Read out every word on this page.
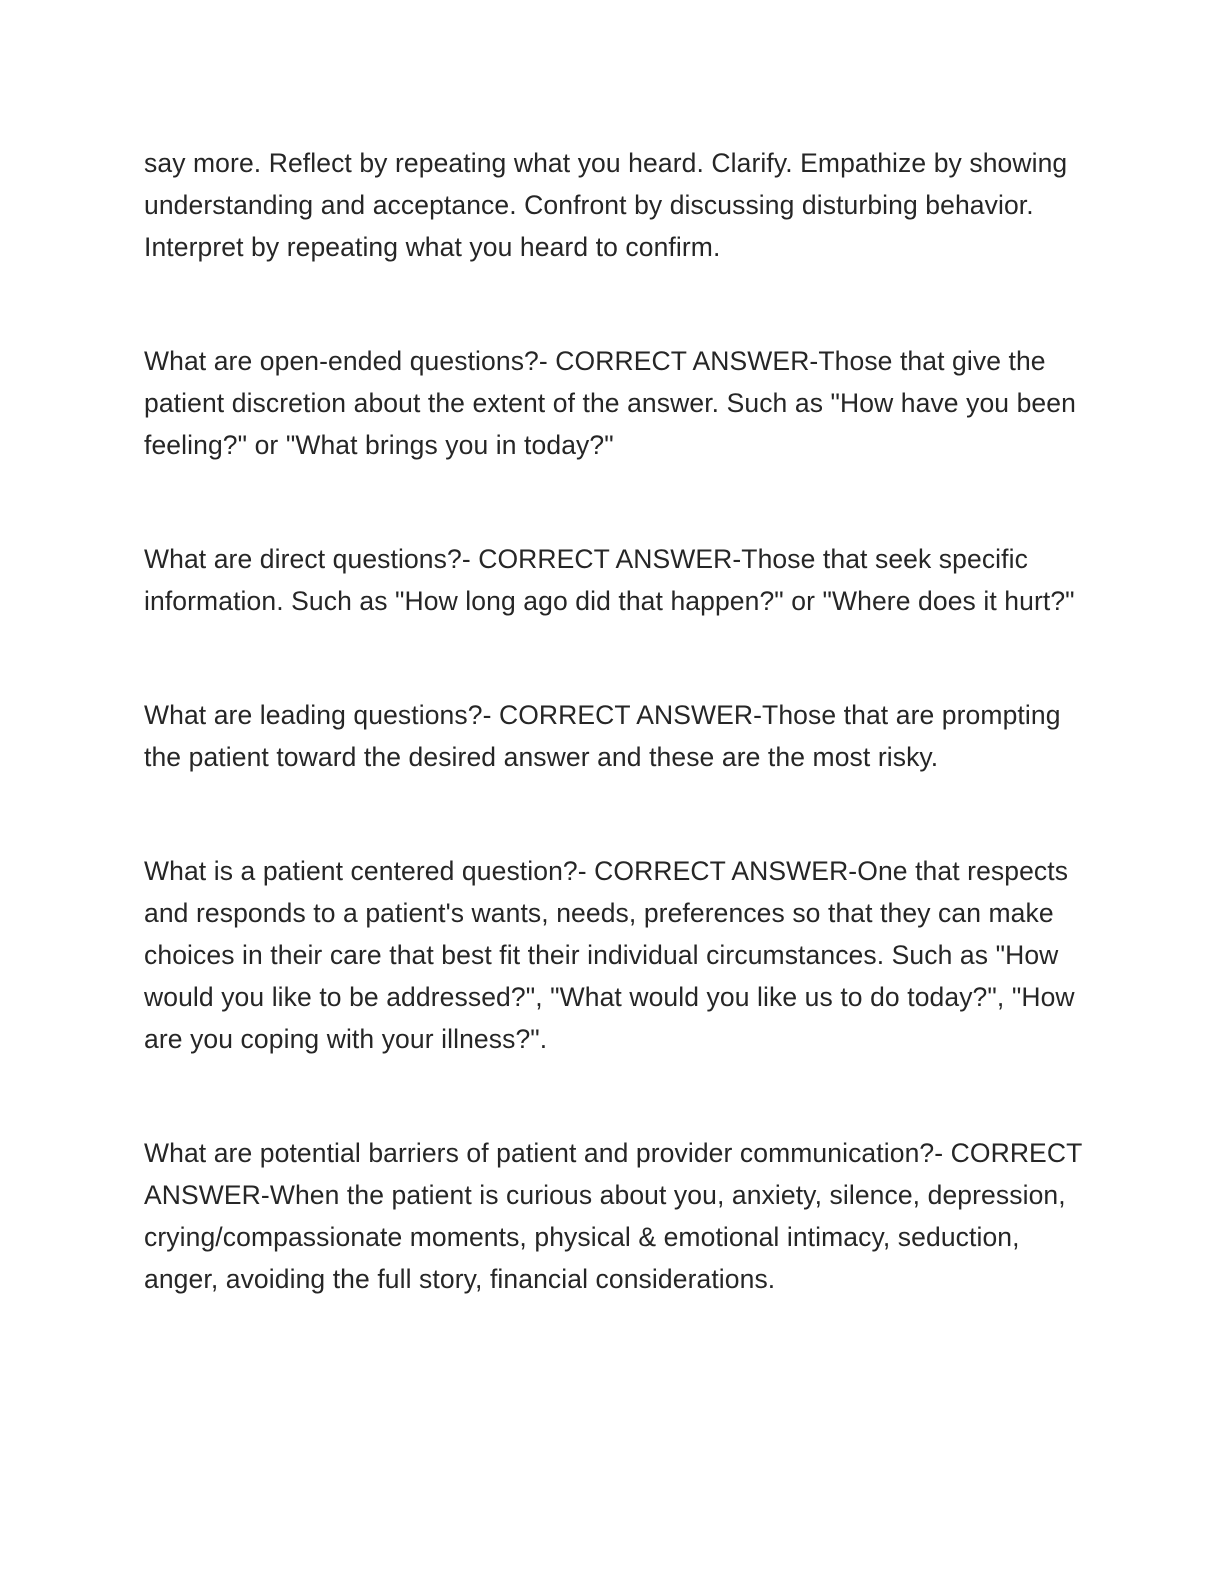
say more. Reflect by repeating what you heard. Clarify. Empathize by showing understanding and acceptance. Confront by discussing disturbing behavior. Interpret by repeating what you heard to confirm.

What are open-ended questions?- CORRECT ANSWER-Those that give the patient discretion about the extent of the answer. Such as "How have you been feeling?" or "What brings you in today?"

What are direct questions?- CORRECT ANSWER-Those that seek specific information. Such as "How long ago did that happen?" or "Where does it hurt?"

What are leading questions?- CORRECT ANSWER-Those that are prompting the patient toward the desired answer and these are the most risky.

What is a patient centered question?- CORRECT ANSWER-One that respects and responds to a patient's wants, needs, preferences so that they can make choices in their care that best fit their individual circumstances. Such as "How would you like to be addressed?", "What would you like us to do today?", "How are you coping with your illness?".

What are potential barriers of patient and provider communication?- CORRECT ANSWER-When the patient is curious about you, anxiety, silence, depression, crying/compassionate moments, physical & emotional intimacy, seduction, anger, avoiding the full story, financial considerations.
